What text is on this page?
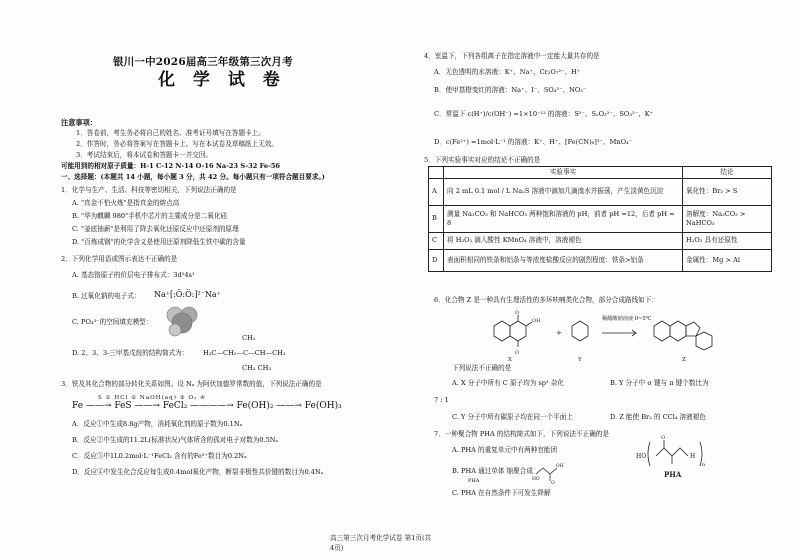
银川一中2026届高三年级第三次月考
化 学 试 卷
注意事项：
1．答卷前，考生务必将自己的姓名、准考证号填写在答题卡上。
2．作答时，务必将答案写在答题卡上。写在本试卷及草稿纸上无效。
3．考试结束后，将本试卷和答题卡一并交回。
可能用到的相对原子质量：H-1 C-12 N-14 O-16 Na-23 S-32 Fe-56
一、选择题：(本题共 14 小题，每小题 3 分，共 42 分。每小题只有一项符合题目要求。)
1．化学与生产、生活、科技等密切相关，下列说法正确的是
A. "真金不怕火炼"是指真金的熔点高
B. "华为麒麟 980"手机中芯片的主要成分是二氧化硅
C. "釜底抽薪"是利用了降去氧化还原反应中还原剂的原理
D. "百炼成钢"的化学含义是使用还原剂降低生铁中碳的含量
2．下列化学用语或图示表达不正确的是
A. 基态铬原子的价层电子排布式：3d⁵4s¹
B. 过氧化钠的电子式： Na⁺[:Ö:Ö:]²⁻Na⁺
C. PO₄³⁻的空间填充模型：
D. 2、3、3-三甲基戊烷的结构简式为：
CH₃
H₃C—CH₂—C—CH—CH₃
CH₃ CH₃
3．铁及其化合物的部分转化关系如图。设 Nₐ 为阿伏加德罗常数的值，下列说法正确的是
S ① HCl ② NaOH(aq) ③ O₂ ④
Fe ——→ FeS ——→ FeCl₂ ————→ Fe(OH)₂ ——→ Fe(OH)₃
A．反应①中生成8.8g产物，消耗氧化剂的原子数为0.1Nₐ
B．反应②中生成的11.2L(标准状况)气体所含的孤对电子对数为0.5Nₐ
C．反应③中1L0.2mol·L⁻¹FeCl₂ 含有的Fe²⁺数目为0.2Nₐ
D．反应④中发生化合反应每生成0.4mol氧化产物，断裂非极性共价键的数目为0.4Nₐ
4．室温下，下列各组离子在指定溶液中一定能大量共存的是
A．无色透明的水溶液：K⁺、Na⁺、Cr₂O₇²⁻、H⁺
B．使甲基橙变红的溶液：Na⁺、I⁻、SO₄²⁻、NO₃⁻
C．常温下 c(H⁺)/c(OH⁻) =1×10⁻¹² 的溶液：S²⁻、S₂O₃²⁻、SO₃²⁻、K⁺
D．c(Fe²⁺) =1mol·L⁻¹ 的溶液：K⁺、H⁺、[Fe(CN)₆]³⁻、MnO₄⁻
5．下列实验事实对应的结论不正确的是
	实验事实	结论
A	向 2 mL 0.1 mol / L Na₂S 溶液中滴加几滴溴水并振荡，产生淡黄色沉淀	氧化性：Br₂ > S
B	测量 Na₂CO₃ 和 NaHCO₃ 两种饱和溶液的 pH，前者 pH =12，后者 pH = 8	溶解度：Na₂CO₃ > NaHCO₃
C	将 H₂O₂ 滴入酸性 KMnO₄ 溶液中，溶液褪色	H₂O₂ 具有还原性
D	表面积相同的铁条和铝条与等浓度盐酸反应的剧烈程度：铁条>铝条	金属性：Mg > Al
6．化合物 Z 是一种具有生理活性的多环呋喃类化合物，部分合成路线如下：
OH
O
O
+
X	Y	Z
稀醋酸钠溶液 0~5℃
下列说法不正确的是
A. X 分子中所有 C 原子均为 sp² 杂化	B. Y 分子中 σ 键与 π 键个数比为
7 : 1
C. Y 分子中所有碳原子均在同一个平面上	D. Z 能使 Br₂ 的 CCl₄ 溶液褪色
7．一种聚合物 PHA 的结构简式如下，下列说法不正确的是
A. PHA 的重复单元中有两种官能团
B. PHA 通过单体 缩聚合成
PHA	HO
OH
O
C. PHA 在自然条件下可发生降解
HO
O
H
n
PHA
高三第三次月考化学试卷 第1页(共
4页)
